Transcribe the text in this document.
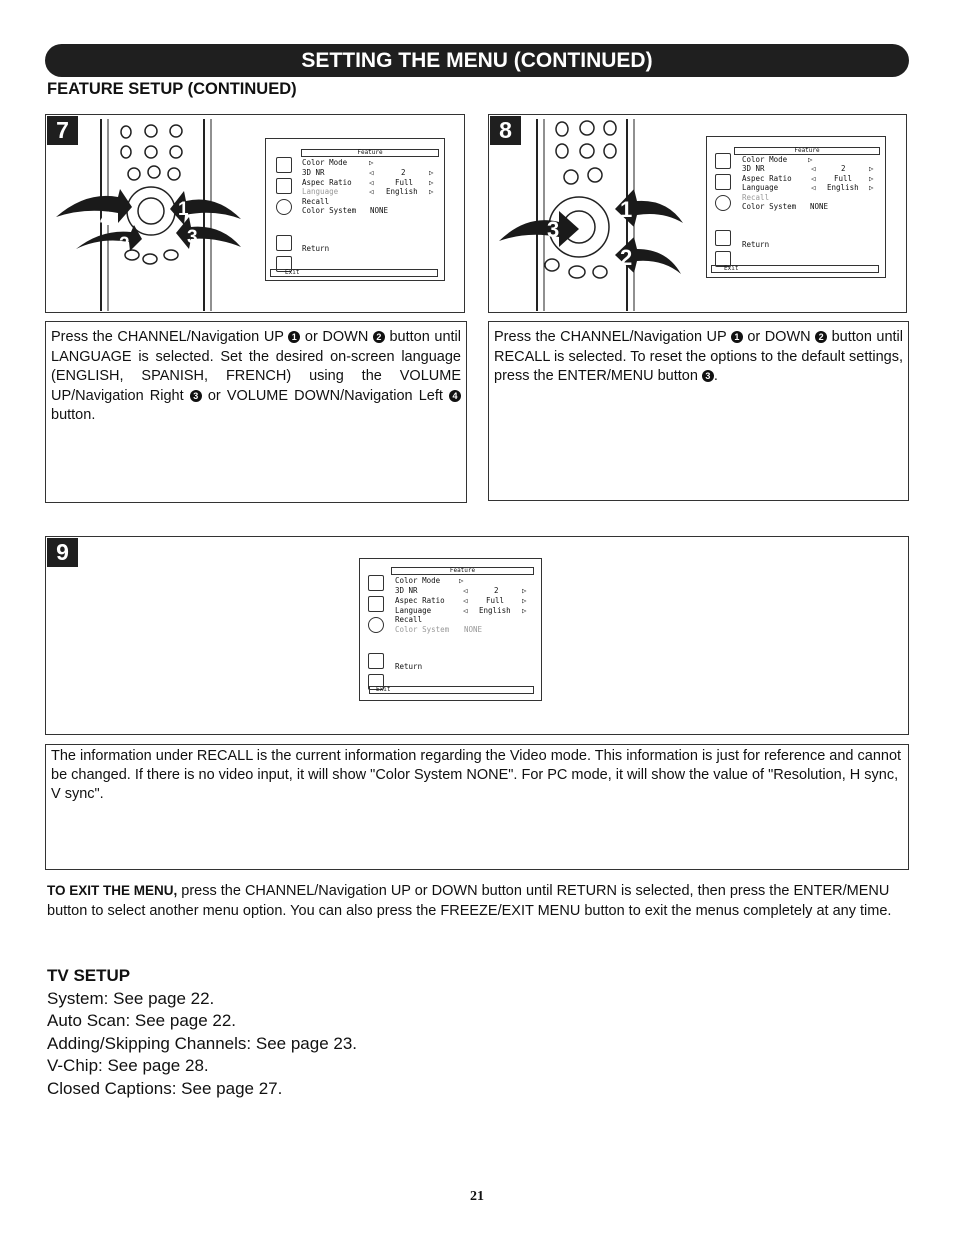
SETTING THE MENU (CONTINUED)
FEATURE SETUP (CONTINUED)
7
4
2
1
3
Feature
Color Mode	▷
3D NR	◁	2	▷
Aspec Ratio ◁	Full ▷
Language	◁ English ▷
Recall
Color System NONE
Return
Exit
Press the CHANNEL/Navigation UP 1 or DOWN 2 button until LANGUAGE is selected. Set the desired on-screen language (ENGLISH, SPANISH, FRENCH) using the VOLUME UP/Navigation Right 3 or VOLUME DOWN/Navigation Left 4 button.
8
3
1
2
Feature
Color Mode	▷
3D NR	◁	2	▷
Aspec Ratio	◁ Full ▷
Language	◁ English ▷
Recall
Color System NONE
Return
Exit
Press the CHANNEL/Navigation UP 1 or DOWN 2 button until RECALL is selected. To reset the options to the default settings, press the ENTER/MENU button 3 .
9
Feature
Color Mode	▷
3D NR	◁	2	▷
Aspec Ratio ◁ Full ▷
Language	◁ English ▷
Recall
Color System NONE
Return
Exit
The information under RECALL is the current information regarding the Video mode. This information is just for reference and cannot be changed. If there is no video input, it will show "Color System NONE". For PC mode, it will show the value of "Resolution, H sync, V sync".
TO EXIT THE MENU, press the CHANNEL/Navigation UP or DOWN button until RETURN is selected, then press the ENTER/MENU button to select another menu option. You can also press the FREEZE/EXIT MENU button to exit the menus completely at any time.
TV SETUP
System: See page 22.
Auto Scan: See page 22.
Adding/Skipping Channels: See page 23.
V-Chip: See page 28.
Closed Captions: See page 27.
21
